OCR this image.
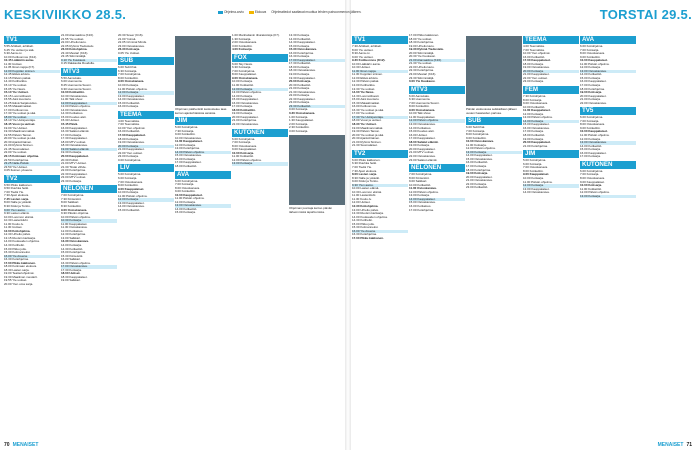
KESKIVIIKKO 28.5.	TORSTAI 29.5.
Ohjelma-arvio	Elokuva Ohjelmatiedot saattavat muuttua lehden painoonmenon jälkeen.
TV1
5.55 Artikkeli, artikkeli.
6.25 Yle uutiset ja sää.
6.30 Aamu-tv.
10.00 Kotiluonnos (K12).
10.45 Lääkärin aamu.
11.30 Uutiset.
11.35 Ilman rajoja (K7).
12.00 Kuppilan sininen.
12.45 Elävä arkisto.
13.15 Päivän paikat.
14.40 Kotiharkko.
15.10 Yle uutiset.
15.05 Yle News.
15.10 Yle Uutiset.
15.15 Luonnollisesti.
15.55 Ääni kuuntelu.
16.25 Ikävä Sarjakuvitus.
16.55 Mataalimatkat.
17.00 Kotiluonnos.
17.30 Yle uutiset ja sää.
18.00 Yle uutiset.
18.10 Yle Uutisjuontaja.
18.45 Vuosi ja uutiset.
19.00 Yle Uutiset.
19.30 Maailmanmatkat.
19.55 Päivän Tanssi.
20.00 Yle uutiset ja sää.
20.30 Ajankohtainen.
21.00 Ryhmä Sininen.
21.45 Suomalaiset.
22.00 Yle uutiset.
22.15 Kotimaan ohjelma.
22.50 Kotiohjelma.
23.25 Nalle-Päivät.
23.50 Yle Uutiset.
0.05 Ikuinen yöseura.
TV2
6.50 Pikku kakkonen.
9.50 Ruuhka hetki.
7.00 Tiedä Yle.
7.30 Ajaxi elokuva.
7.45 Lasten sarja.
8.00 Nalle ja ystävät.
8.30 Kiiski ja Tonttu.
9.00 Ylen aamu.
9.30 Lasten elämä.
10.00 Luonnon elämä.
10.30 Lastenklubi.
11.00 Koulu-tv.
11.30 Uutiset.
12.00 Kotiohjelma.
12.30 Urheilu päivä.
13.15 Ruotsin kielisarja.
14.00 Kuukauden ohjelma.
14.30 Kotihetki.
15.00 Pikku juttu.
15.30 Kolmanneksi.
16.00 Yle Areena.
16.30 Kotiohjelma.
17.00 Pikku kakkonen.
18.00 Kotimaan elokuva.
18.30 Lasten sarja.
19.00 Teatteriohjelmat.
19.30 Maailman mestarit.
19.55 Yle uutiset.
20.00 Ylen oma sarja.
21.00 Alamaailma (K16).
21.55 Yle uutiset.
22.00 Urheiluruutu.
22.05 Ryhmä Tiedustelu.
23.00 Kotiohjelma.
23.40 Mestari (K16).
23.45 Silminnäkijä.
0.10 Yle Kuukausi.
0.15 Rakkautta Ruudulla.
MTV3
5.50 Aamukatu.
6.00 Huomenta.
8.25 Huomenta Suomi.
9.30 Huomenta Suomi.
10.00 Kotikeittiö.
10.30 Ostoskanava.
11.00 Talk show.
12.00 Kauppalaiset.
13.00 Päivän ohjelma.
14.00 Ostoskanava.
14.30 Kotitalous.
15.00 Kuudes aisti.
15.30 Uutiset.
15.45 Päivä.
16.00 Kauppalaiset.
16.30 Salatut elämät.
17.00 Kotisarja.
17.30 Kauppalaiset.
18.00 MTV uutiset.
18.30 Ostoskanava.
19.00 Salatut elämät.
19.30 Kotisarja.
20.00 Kauppalaiset.
20.30 Poliisit.
21.00 MTV Uutiset.
21.30 Tiistai viihde.
22.00 Kotiohjelma.
22.30 Kauppalaiset.
23.00 MTV uutiset.
23.30 Kotisarja.
NELONEN
7.00 Kotiohjelma.
7.30 Kiinteistöt.
8.00 Salkkari.
8.30 Kotikeittiö.
9.00 Ostoskanava.
9.30 Päivän ohjelma.
10.00 Päivän ohjelma.
10.30 Kotisarja.
11.00 Kauppalaiset.
11.30 Ostoskanava.
12.00 Kotitalous.
12.30 Kotiohjelma.
13.00 Salkkari.
13.30 Ostoskanava.
14.00 Kotisarja.
14.30 Kotikeittiö.
15.00 Kotiohjelma.
15.30 Kiinteistöt.
16.00 Salkkari.
16.30 Päivän ohjelma.
17.00 Ostoskanava.
17.30 Kotisarja.
18.00 Uutiset.
18.30 Kauppalaiset.
19.00 Salkkari.
20.30 Sneer (K16).
21.00 Ysinsä.
22.05 Criminal Minds.
23.00 Ostoskanava.
23.30 Kotisarja.
0.05 Yle Uutiset.
SUB
6.00 SubChat.
6.30 Kotisarja.
7.00 Kotiohjelma.
8.00 Kotikeittiö.
9.00 Ostoskanava.
10.00 Kotisarja.
11.00 Päivän ohjelma.
12.00 Kotisarja.
13.00 Kauppalaiset.
14.00 Ostoskanava.
15.00 Kotikeittiö.
16.00 Kotisarja.
TEEMA
4.00 Teemalista.
7.00 Teemalista.
10.00 Ylen ohjelmat.
16.00 Kotikeittiö.
17.00 Kauppalaiset.
18.00 Kotisarja.
19.00 Ostoskanava.
20.00 Kotisarja.
21.00 Kauppalaiset.
22.00 Ylen uutiset.
23.00 Kotisarja.
0.00 Kotiohjelma.
LIV
5.00 Kotiohjelma.
6.00 Kotisarja.
7.00 Ostoskanava.
8.00 Kotikeittiö.
9.00 Kauppalaiset.
10.00 Kotisarja.
11.00 Päivän ohjelma.
12.00 Kotisarja.
13.00 Kauppalaiset.
14.00 Ostoskanava.
15.00 Kotikeittiö.
Ohjelman päähenkilö keskustelee taas kerran ajankohtaisista asioista.
JIM
5.00 Kotiohjelma.
7.30 Kotisarja.
9.00 Kotikeittiö.
10.00 Ostoskanava.
11.00 Kauppalaiset.
12.00 Kotisarja.
13.00 Kotiohjelma.
14.00 Päivän ohjelma.
15.00 Ostoskanava.
16.00 Kotisarja.
17.00 Kauppalaiset.
18.00 Kotikeittiö.
AVA
6.00 Kotiohjelma.
7.00 Kotisarja.
8.00 Ostoskanava.
9.00 Kotikeittiö.
10.00 Kauppalaiset.
11.00 Päivän ohjelma.
12.00 Kotisarja.
13.00 Ostoskanava.
14.00 Kotikeittiö.
15.00 Kotisarja.
1.00 Manhattanin tiliurakoitsija (K7).
1.30 Kotisarja.
2.00 Ostoskanava.
3.00 Kotikeittiö.
4.00 Kotisarja.
FOX
6.00 Sky News.
6.30 Kotisarja.
7.00 Kotiohjelma.
8.00 Kauppalaiset.
9.00 Ostoskanava.
10.00 Kotisarja.
11.00 Kotikeittiö.
12.00 Kotisarja.
13.00 Päivän ohjelma.
14.00 Kotisarja.
15.00 Kauppalaiset.
16.00 Ostoskanava.
17.00 Kotisarja.
18.00 Kotikeittiö.
19.00 Kotisarja.
20.00 Kauppalaiset.
21.00 Kotiohjelma.
22.00 Ostoskanava.
KUTONEN
6.00 Kotiohjelma.
7.00 Kotisarja.
8.00 Ostoskanava.
9.00 Kauppalaiset.
10.00 Kotisarja.
11.00 Kotikeittiö.
12.00 Päivän ohjelma.
13.00 Kotisarja.
13.30 Kotisarja.
14.00 Kotikeittiö.
14.30 Kauppalaiset.
15.00 Kotisarja.
15.30 Ostoskanava.
16.00 Kotiohjelma.
16.30 Kotisarja.
17.00 Kauppalaiset.
17.30 Kotikeittiö.
18.00 Kotisarja.
18.30 Ostoskanava.
19.00 Kotisarja.
19.30 Kauppalaiset.
20.00 Kotisarja.
20.30 Kotikeittiö.
21.00 Kotisarja.
21.30 Ostoskanava.
22.00 Kotisarja.
22.30 Kauppalaiset.
23.00 Kotisarja.
23.30 Kotikeittiö.
0.00 Kotisarja.
0.30 Ostoskanava.
1.00 Kotisarja.
1.30 Kauppalaiset.
2.00 Kotisarja.
2.30 Kotikeittiö.
3.00 Kotisarja.
Ohjelman juontaja kertoo päivän tärkeimmistä tapahtumista.
TV1
7.30 Artikkeli, artikkeli.
8.00 Yle uutiset.
8.30 Aamu-tv.
9.00 Yle uutiset.
9.30 Kotiluonnos (K12).
10.00 Lääkärin aamu.
10.30 Uutiset.
11.00 Ilman rajoja.
11.30 Kuppilan sininen.
12.00 Elävä arkisto.
12.30 Päivän paikat.
13.00 Kotiharkko.
13.30 Yle uutiset.
14.00 Yle News.
14.30 Luonnollisesti.
15.00 Ääni kuuntelu.
15.30 Mataalimatkat.
16.00 Kotiluonnos.
16.30 Yle uutiset ja sää.
17.00 Yle uutiset.
17.30 Yle Uutisjuontaja.
18.00 Vuosi ja uutiset.
18.30 Yle Uutiset.
19.00 Maailmanmatkat.
19.30 Päivän Tanssi.
20.00 Yle uutiset ja sää.
20.30 Ajankohtainen.
21.00 Ryhmä Sininen.
21.30 Suomalaiset.
TV2
6.00 Pikku kakkonen.
6.30 Ruuhka hetki.
7.00 Tiedä Yle.
7.30 Ajaxi elokuva.
8.00 Lasten sarja.
8.30 Nalle ja ystävät.
9.00 Kiiski ja Tonttu.
9.30 Ylen aamu.
10.00 Lasten elämä.
10.30 Luonnon elämä.
11.00 Lastenklubi.
11.30 Koulu-tv.
12.00 Uutiset.
12.30 Kotiohjelma.
13.00 Urheilu päivä.
13.30 Ruotsin kielisarja.
14.00 Kuukauden ohjelma.
14.30 Kotihetki.
15.00 Pikku juttu.
15.30 Kolmanneksi.
16.00 Yle Areena.
16.30 Kotiohjelma.
17.00 Pikku kakkonen.
17.00 Pikku kakkonen.
18.00 Yle uutiset.
18.30 Kotiohjelma.
19.00 Urheiluruutu.
19.30 Ryhmä Tiedustelu.
20.00 Silminnäkijä.
20.30 Yle Kuukausi.
21.00 Alamaailma (K16).
21.30 Yle uutiset.
22.00 Urheiluruutu.
22.30 Kotiohjelma.
23.00 Mestari (K16).
23.30 Silminnäkijä.
0.00 Yle Kuukausi.
MTV3
6.00 Aamukatu.
6.30 Huomenta.
7.00 Huomenta Suomi.
8.00 Kotikeittiö.
9.00 Ostoskanava.
10.00 Talk show.
11.00 Kauppalaiset.
12.00 Päivän ohjelma.
13.00 Ostoskanava.
14.00 Kotitalous.
15.00 Kuudes aisti.
16.00 Uutiset.
17.00 Kauppalaiset.
18.00 Salatut elämät.
19.00 Kotisarja.
20.00 Kauppalaiset.
21.00 MTV uutiset.
22.00 Ostoskanava.
23.00 Salatut elämät.
NELONEN
7.00 Kotiohjelma.
8.00 Kiinteistöt.
9.00 Salkkari.
10.00 Kotikeittiö.
11.00 Ostoskanava.
12.00 Päivän ohjelma.
13.00 Kotisarja.
14.00 Kauppalaiset.
15.00 Ostoskanava.
16.00 Kotitalous.
17.00 Kotiohjelma.
Päivän elokuvassa seikkaillaan jälleen uusien haasteiden parissa.
SUB
6.00 SubChat.
7.00 Kotisarja.
8.00 Kotiohjelma.
9.00 Kotikeittiö.
10.00 Ostoskanava.
11.00 Kotisarja.
12.00 Päivän ohjelma.
13.00 Kotisarja.
14.00 Kauppalaiset.
15.00 Ostoskanava.
16.00 Kotikeittiö.
17.00 Kotisarja.
18.00 Kotiohjelma.
19.00 Kotisarja.
20.00 Kauppalaiset.
21.00 Ostoskanava.
22.00 Kotisarja.
23.00 Kotikeittiö.
TEEMA
4.00 Teemalista.
7.00 Teemalista.
10.00 Ylen ohjelmat.
16.00 Kotikeittiö.
17.00 Kauppalaiset.
18.00 Kotisarja.
19.00 Ostoskanava.
20.00 Kotisarja.
21.00 Kauppalaiset.
22.00 Ylen uutiset.
23.00 Kotisarja.
FEM
7.30 Kotiohjelma.
8.00 Kotisarja.
9.00 Ostoskanava.
10.00 Kotikeittiö.
11.00 Kauppalaiset.
12.00 Kotisarja.
13.00 Päivän ohjelma.
14.00 Kotisarja.
15.00 Kauppalaiset.
16.00 Ostoskanava.
17.00 Kotisarja.
18.00 Kotikeittiö.
19.00 Kotisarja.
20.00 Kauppalaiset.
21.00 Kotiohjelma.
JIM
5.00 Kotiohjelma.
6.00 Kotisarja.
7.00 Ostoskanava.
8.00 Kotikeittiö.
9.00 Kauppalaiset.
10.00 Kotisarja.
11.00 Päivän ohjelma.
12.00 Kotisarja.
13.00 Kauppalaiset.
14.00 Ostoskanava.
AVA
6.00 Kotiohjelma.
7.00 Kotisarja.
8.00 Ostoskanava.
9.00 Kotikeittiö.
10.00 Kauppalaiset.
11.00 Päivän ohjelma.
12.00 Kotisarja.
13.00 Ostoskanava.
14.00 Kotikeittiö.
15.00 Kotisarja.
16.00 Kauppalaiset.
17.00 Kotisarja.
18.00 Kotiohjelma.
19.00 Kotisarja.
20.00 Kauppalaiset.
21.00 Kotisarja.
22.00 Ostoskanava.
TV5
6.00 Kotiohjelma.
7.00 Kotisarja.
8.00 Ostoskanava.
9.00 Kotikeittiö.
10.00 Kauppalaiset.
11.00 Päivän ohjelma.
12.00 Kotisarja.
13.00 Ostoskanava.
14.00 Kotikeittiö.
15.00 Kotisarja.
16.00 Kauppalaiset.
17.00 Kotisarja.
KUTONEN
6.00 Kotiohjelma.
7.00 Kotisarja.
8.00 Ostoskanava.
9.00 Kauppalaiset.
10.00 Kotisarja.
11.00 Kotikeittiö.
12.00 Päivän ohjelma.
13.00 Kotisarja.
70 MENAISET	MENAISET 71
